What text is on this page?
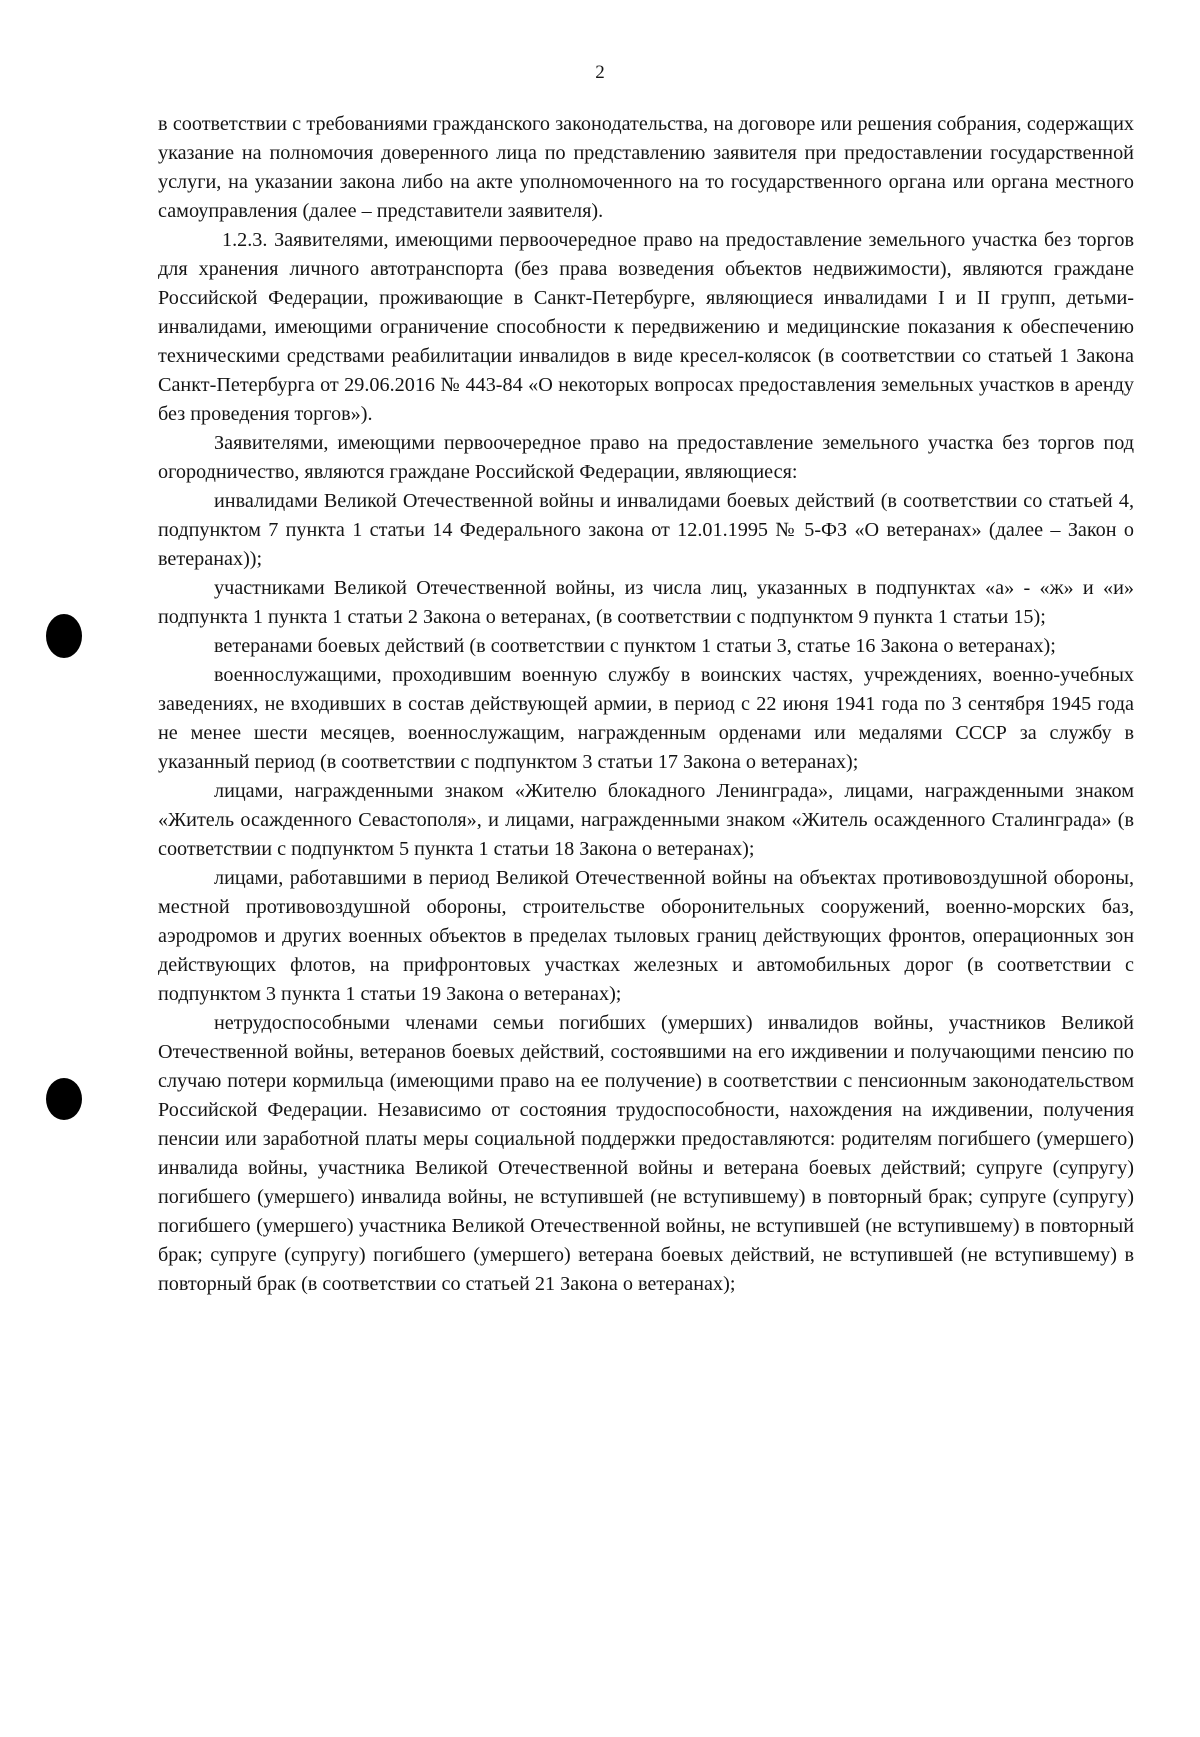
2

в соответствии с требованиями гражданского законодательства, на договоре или решения собрания, содержащих указание на полномочия доверенного лица по представлению заявителя при предоставлении государственной услуги, на указании закона либо на акте уполномоченного на то государственного органа или органа местного самоуправления (далее – представители заявителя).

1.2.3. Заявителями, имеющими первоочередное право на предоставление земельного участка без торгов для хранения личного автотранспорта (без права возведения объектов недвижимости), являются граждане Российской Федерации, проживающие в Санкт-Петербурге, являющиеся инвалидами I и II групп, детьми-инвалидами, имеющими ограничение способности к передвижению и медицинские показания к обеспечению техническими средствами реабилитации инвалидов в виде кресел-колясок (в соответствии со статьей 1 Закона Санкт-Петербурга от 29.06.2016 № 443-84 «О некоторых вопросах предоставления земельных участков в аренду без проведения торгов»).

Заявителями, имеющими первоочередное право на предоставление земельного участка без торгов под огородничество, являются граждане Российской Федерации, являющиеся:

инвалидами Великой Отечественной войны и инвалидами боевых действий (в соответствии со статьей 4, подпунктом 7 пункта 1 статьи 14 Федерального закона от 12.01.1995 № 5-ФЗ «О ветеранах» (далее – Закон о ветеранах));

участниками Великой Отечественной войны, из числа лиц, указанных в подпунктах «а» - «ж» и «и» подпункта 1 пункта 1 статьи 2 Закона о ветеранах, (в соответствии с подпунктом 9 пункта 1 статьи 15);

ветеранами боевых действий (в соответствии с пунктом 1 статьи 3, статье 16 Закона о ветеранах);

военнослужащими, проходившим военную службу в воинских частях, учреждениях, военно-учебных заведениях, не входивших в состав действующей армии, в период с 22 июня 1941 года по 3 сентября 1945 года не менее шести месяцев, военнослужащим, награжденным орденами или медалями СССР за службу в указанный период (в соответствии с подпунктом 3 статьи 17 Закона о ветеранах);

лицами, награжденными знаком «Жителю блокадного Ленинграда», лицами, награжденными знаком «Житель осажденного Севастополя», и лицами, награжденными знаком «Житель осажденного Сталинграда» (в соответствии с подпунктом 5 пункта 1 статьи 18 Закона о ветеранах);

лицами, работавшими в период Великой Отечественной войны на объектах противовоздушной обороны, местной противовоздушной обороны, строительстве оборонительных сооружений, военно-морских баз, аэродромов и других военных объектов в пределах тыловых границ действующих фронтов, операционных зон действующих флотов, на прифронтовых участках железных и автомобильных дорог (в соответствии с подпунктом 3 пункта 1 статьи 19 Закона о ветеранах);

нетрудоспособными членами семьи погибших (умерших) инвалидов войны, участников Великой Отечественной войны, ветеранов боевых действий, состоявшими на его иждивении и получающими пенсию по случаю потери кормильца (имеющими право на ее получение) в соответствии с пенсионным законодательством Российской Федерации. Независимо от состояния трудоспособности, нахождения на иждивении, получения пенсии или заработной платы меры социальной поддержки предоставляются: родителям погибшего (умершего) инвалида войны, участника Великой Отечественной войны и ветерана боевых действий; супруге (супругу) погибшего (умершего) инвалида войны, не вступившей (не вступившему) в повторный брак; супруге (супругу) погибшего (умершего) участника Великой Отечественной войны, не вступившей (не вступившему) в повторный брак; супруге (супругу) погибшего (умершего) ветерана боевых действий, не вступившей (не вступившему) в повторный брак (в соответствии со статьей 21 Закона о ветеранах);
